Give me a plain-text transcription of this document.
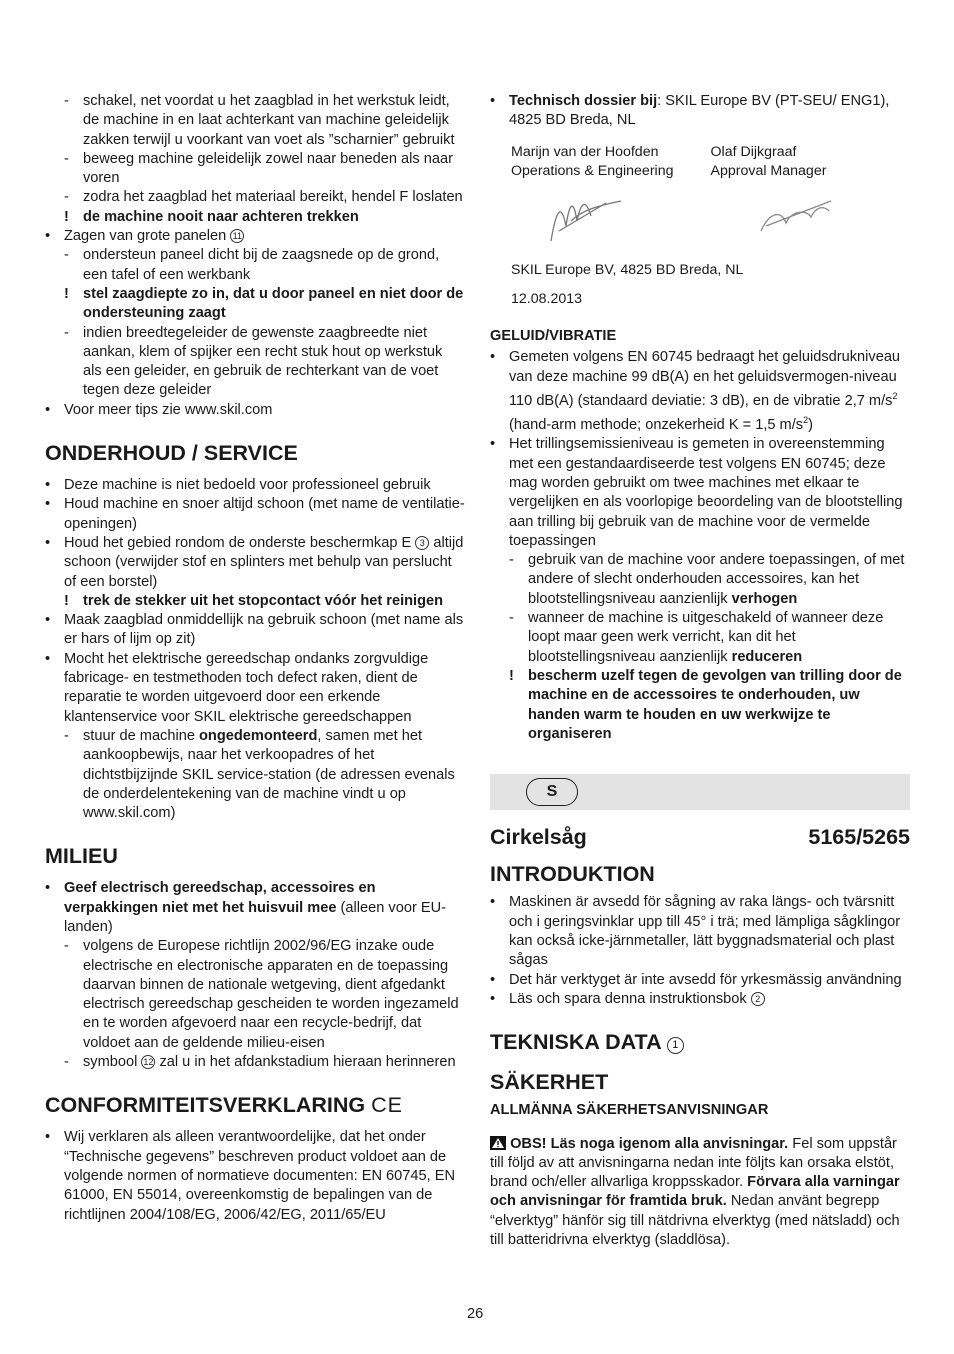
- schakel, net voordat u het zaagblad in het werkstuk leidt, de machine in en laat achterkant van machine geleidelijk zakken terwijl u voorkant van voet als ”scharnier” gebruikt
- beweeg machine geleidelijk zowel naar beneden als naar voren
- zodra het zaagblad het materiaal bereikt, hendel F loslaten
! de machine nooit naar achteren trekken
• Zagen van grote panelen 11
- ondersteun paneel dicht bij de zaagsnede op de grond, een tafel of een werkbank
! stel zaagdiepte zo in, dat u door paneel en niet door de ondersteuning zaagt
- indien breedtegeleider de gewenste zaagbreedte niet aankan, klem of spijker een recht stuk hout op werkstuk als een geleider, en gebruik de rechterkant van de voet tegen deze geleider
• Voor meer tips zie www.skil.com
ONDERHOUD / SERVICE
• Deze machine is niet bedoeld voor professioneel gebruik
• Houd machine en snoer altijd schoon (met name de ventilatie-openingen)
• Houd het gebied rondom de onderste beschermkap E 3 altijd schoon (verwijder stof en splinters met behulp van perslucht of een borstel)
! trek de stekker uit het stopcontact vóór het reinigen
• Maak zaagblad onmiddellijk na gebruik schoon (met name als er hars of lijm op zit)
• Mocht het elektrische gereedschap ondanks zorgvuldige fabricage- en testmethoden toch defect raken, dient de reparatie te worden uitgevoerd door een erkende klantenservice voor SKIL elektrische gereedschappen
- stuur de machine ongedemonteerd, samen met het aankoopbewijs, naar het verkoopadres of het dichtstbijzijnde SKIL service-station (de adressen evenals de onderdelentekening van de machine vindt u op www.skil.com)
MILIEU
• Geef electrisch gereedschap, accessoires en verpakkingen niet met het huisvuil mee (alleen voor EU-landen)
- volgens de Europese richtlijn 2002/96/EG inzake oude electrische en electronische apparaten en de toepassing daarvan binnen de nationale wetgeving, dient afgedankt electrisch gereedschap gescheiden te worden ingezameld en te worden afgevoerd naar een recycle-bedrijf, dat voldoet aan de geldende milieu-eisen
- symbool 12 zal u in het afdankstadium hieraan herinneren
CONFORMITEITSVERKLARING CE
• Wij verklaren als alleen verantwoordelijke, dat het onder “Technische gegevens” beschreven product voldoet aan de volgende normen of normatieve documenten: EN 60745, EN 61000, EN 55014, overeenkomstig de bepalingen van de richtlijnen 2004/108/EG, 2006/42/EG, 2011/65/EU
• Technisch dossier bij: SKIL Europe BV (PT-SEU/ ENG1), 4825 BD Breda, NL
Marijn van der Hoofden
Operations & Engineering
Olaf Dijkgraaf
Approval Manager
SKIL Europe BV, 4825 BD Breda, NL
12.08.2013
GELUID/VIBRATIE
• Gemeten volgens EN 60745 bedraagt het geluidsdrukniveau van deze machine 99 dB(A) en het geluidsvermogen-niveau 110 dB(A) (standaard deviatie: 3 dB), en de vibratie 2,7 $m/s^2$ (hand-arm methode; onzekerheid K = 1,5 $m/s^2$)
• Het trillingsemissieniveau is gemeten in overeenstemming met een gestandaardiseerde test volgens EN 60745; deze mag worden gebruikt om twee machines met elkaar te vergelijken en als voorlopige beoordeling van de blootstelling aan trilling bij gebruik van de machine voor de vermelde toepassingen
- gebruik van de machine voor andere toepassingen, of met andere of slecht onderhouden accessoires, kan het blootstellingsniveau aanzienlijk verhogen
- wanneer de machine is uitgeschakeld of wanneer deze loopt maar geen werk verricht, kan dit het blootstellingsniveau aanzienlijk reduceren
! bescherm uzelf tegen de gevolgen van trilling door de machine en de accessoires te onderhouden, uw handen warm te houden en uw werkwijze te organiseren
S
Cirkelsåg	5165/5265
INTRODUKTION
• Maskinen är avsedd för sågning av raka längs- och tvärsnitt och i geringsvinklar upp till 45° i trä; med lämpliga sågklingor kan också icke-järnmetaller, lätt byggnadsmaterial och plast sågas
• Det här verktyget är inte avsedd för yrkesmässig användning
• Läs och spara denna instruktionsbok 2
TEKNISKA DATA 1
SÄKERHET
ALLMÄNNA SÄKERHETSANVISNINGAR
OBS! Läs noga igenom alla anvisningar. Fel som uppstår till följd av att anvisningarna nedan inte följts kan orsaka elstöt, brand och/eller allvarliga kroppsskador. Förvara alla varningar och anvisningar för framtida bruk. Nedan använt begrepp “elverktyg” hänför sig till nätdrivna elverktyg (med nätsladd) och till batteridrivna elverktyg (sladdlösa).
26
